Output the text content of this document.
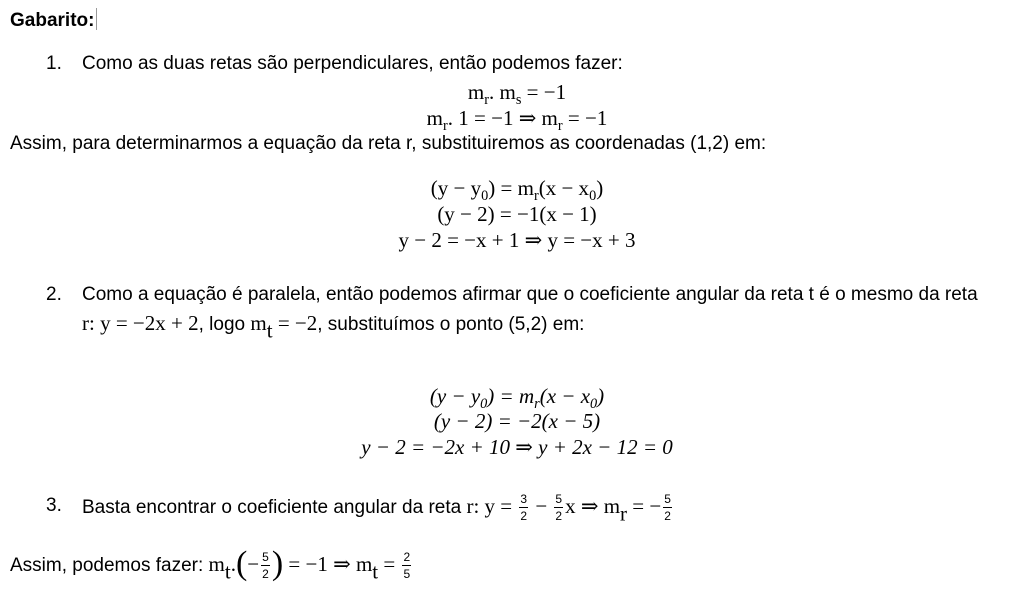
Gabarito:
1. Como as duas retas são perpendiculares, então podemos fazer:
$m_r$. $m_s = -1$
$m_r$. 1 = −1 ⇒ $m_r = -1$
Assim, para determinarmos a equação da reta r, substituiremos as coordenadas (1,2) em:
$(y - y_0) = m_r(x - x_0)$
(y − 2) = −1(x − 1)
y − 2 = −x + 1 ⇒ y = −x + 3
2. Como a equação é paralela, então podemos afirmar que o coeficiente angular da reta t é o mesmo da reta
r: y = −2x + 2, logo $m_t = -2$, substituímos o ponto (5,2) em:
$(y - y_0) = m_r(x - x_0)$
(y − 2) = −2(x − 5)
y − 2 = −2x + 10 ⇒ y + 2x − 12 = 0
3. Basta encontrar o coeficiente angular da reta r: $y = \frac{3}{2} - \frac{5}{2}$ x ⇒ $m_r$ = − $\frac{5}{2}$
Assim, podemos fazer: $m_t.(- \frac{5}{2}$ ) = −1 ⇒ $m_t = \frac{2}{5}$
